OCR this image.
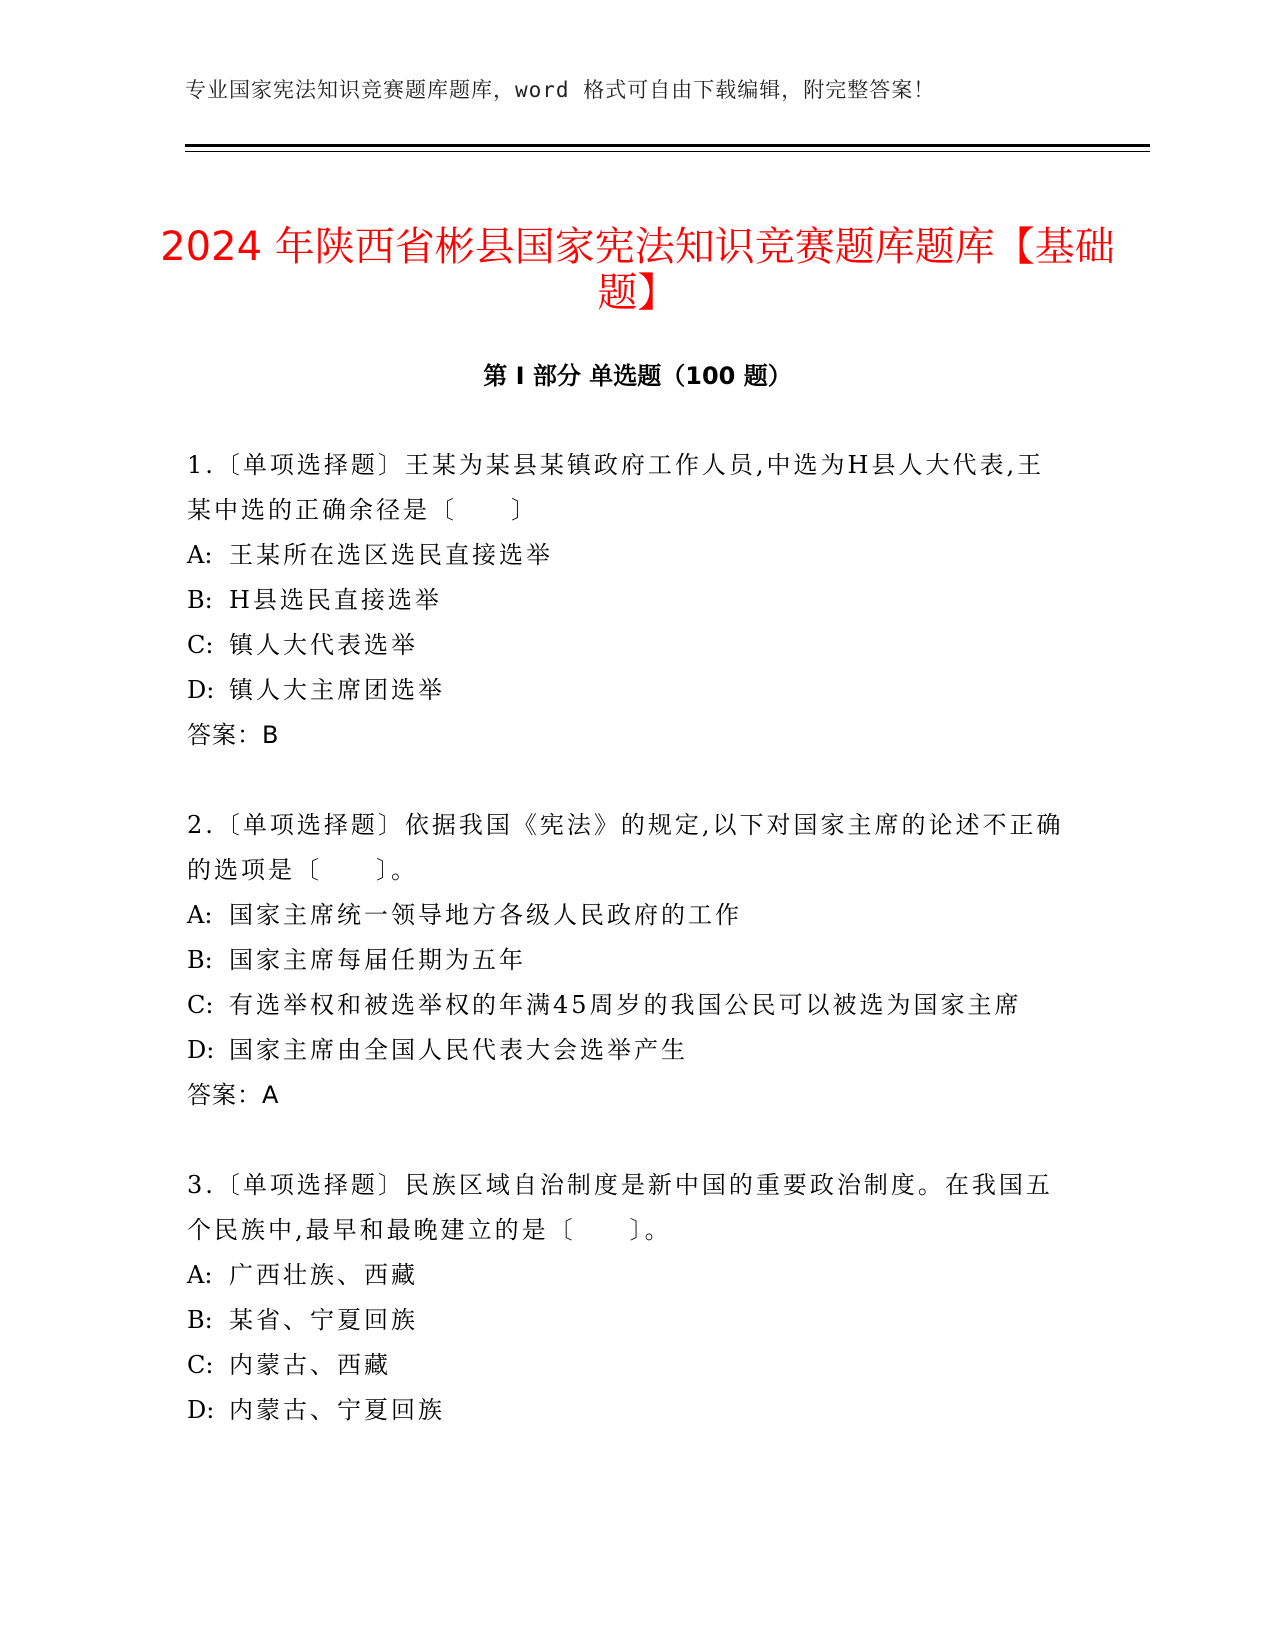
专业国家宪法知识竞赛题库题库，word 格式可自由下载编辑，附完整答案！
2024 年陕西省彬县国家宪法知识竞赛题库题库【基础题】
第 I 部分 单选题（100 题）
1.〔单项选择题〕王某为某县某镇政府工作人员,中选为H县人大代表,王某中选的正确余径是〔　　〕
A: 王某所在选区选民直接选举
B: H县选民直接选举
C: 镇人大代表选举
D: 镇人大主席团选举
答案：B
2.〔单项选择题〕依据我国《宪法》的规定,以下对国家主席的论述不正确的选项是〔　　〕。
A: 国家主席统一领导地方各级人民政府的工作
B: 国家主席每届任期为五年
C: 有选举权和被选举权的年满45周岁的我国公民可以被选为国家主席
D: 国家主席由全国人民代表大会选举产生
答案：A
3.〔单项选择题〕民族区域自治制度是新中国的重要政治制度。在我国五个民族中,最早和最晚建立的是〔　　〕。
A: 广西壮族、西藏
B: 某省、宁夏回族
C: 内蒙古、西藏
D: 内蒙古、宁夏回族
